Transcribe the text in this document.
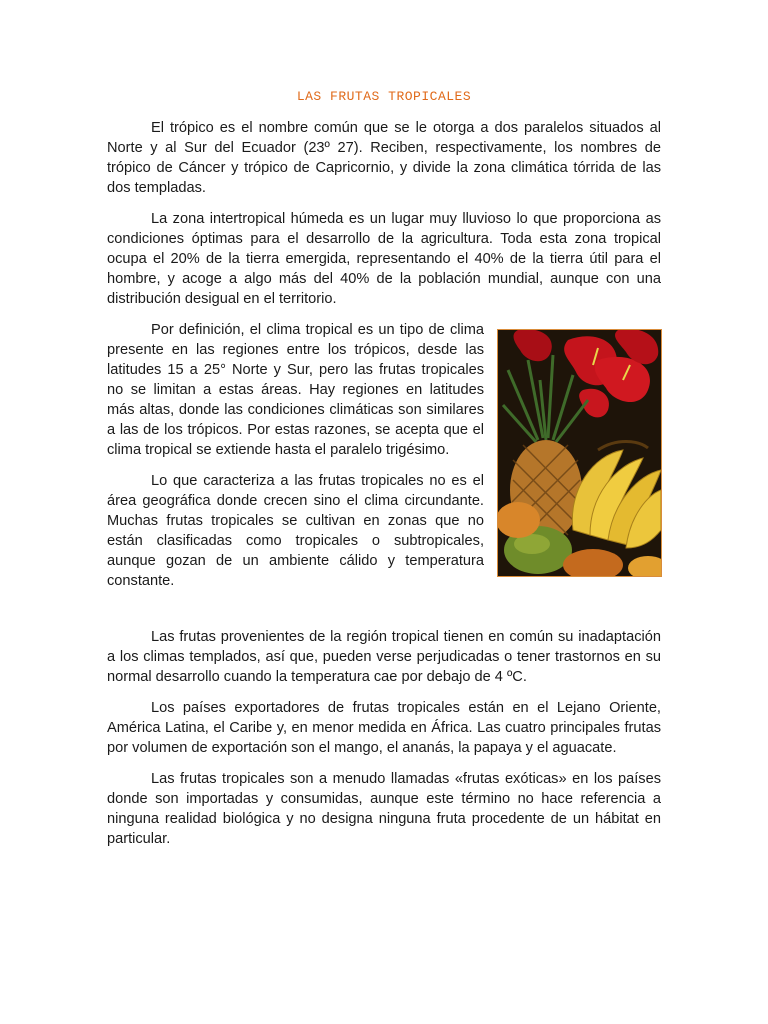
LAS FRUTAS TROPICALES

El trópico es el nombre común que se le otorga a dos paralelos situados al Norte y al Sur del Ecuador (23º 27). Reciben, respectivamente, los nombres de trópico de Cáncer y trópico de Capricornio, y divide la zona climática tórrida de las dos templadas.

La zona intertropical húmeda es un lugar muy lluvioso lo que proporciona as condiciones óptimas para el desarrollo de la agricultura. Toda esta zona tropical ocupa el 20% de la tierra emergida, representando el 40% de la tierra útil para el hombre, y acoge a algo más del 40% de la población mundial, aunque con una distribución desigual en el territorio.

Por definición, el clima tropical es un tipo de clima presente en las regiones entre los trópicos, desde las latitudes 15 a 25° Norte y Sur, pero las frutas tropicales no se limitan a estas áreas. Hay regiones en latitudes más altas, donde las condiciones climáticas son similares a las de los trópicos. Por estas razones, se acepta que el clima tropical se extiende hasta el paralelo trigésimo.

Lo que caracteriza a las frutas tropicales no es el área geográfica donde crecen sino el clima circundante. Muchas frutas tropicales se cultivan en zonas que no están clasificadas como tropicales o subtropicales, aunque gozan de un ambiente cálido y temperatura constante.

Las frutas provenientes de la región tropical tienen en común su inadaptación a los climas templados, así que, pueden verse perjudicadas o tener trastornos en su normal desarrollo cuando la temperatura cae por debajo de 4 ºC.

Los países exportadores de frutas tropicales están en el Lejano Oriente, América Latina, el Caribe y, en menor medida en África. Las cuatro principales frutas por volumen de exportación son el mango, el ananás, la papaya y el aguacate.

Las frutas tropicales son a menudo llamadas «frutas exóticas» en los países donde son importadas y consumidas, aunque este término no hace referencia a ninguna realidad biológica y no designa ninguna fruta procedente de un hábitat en particular.
